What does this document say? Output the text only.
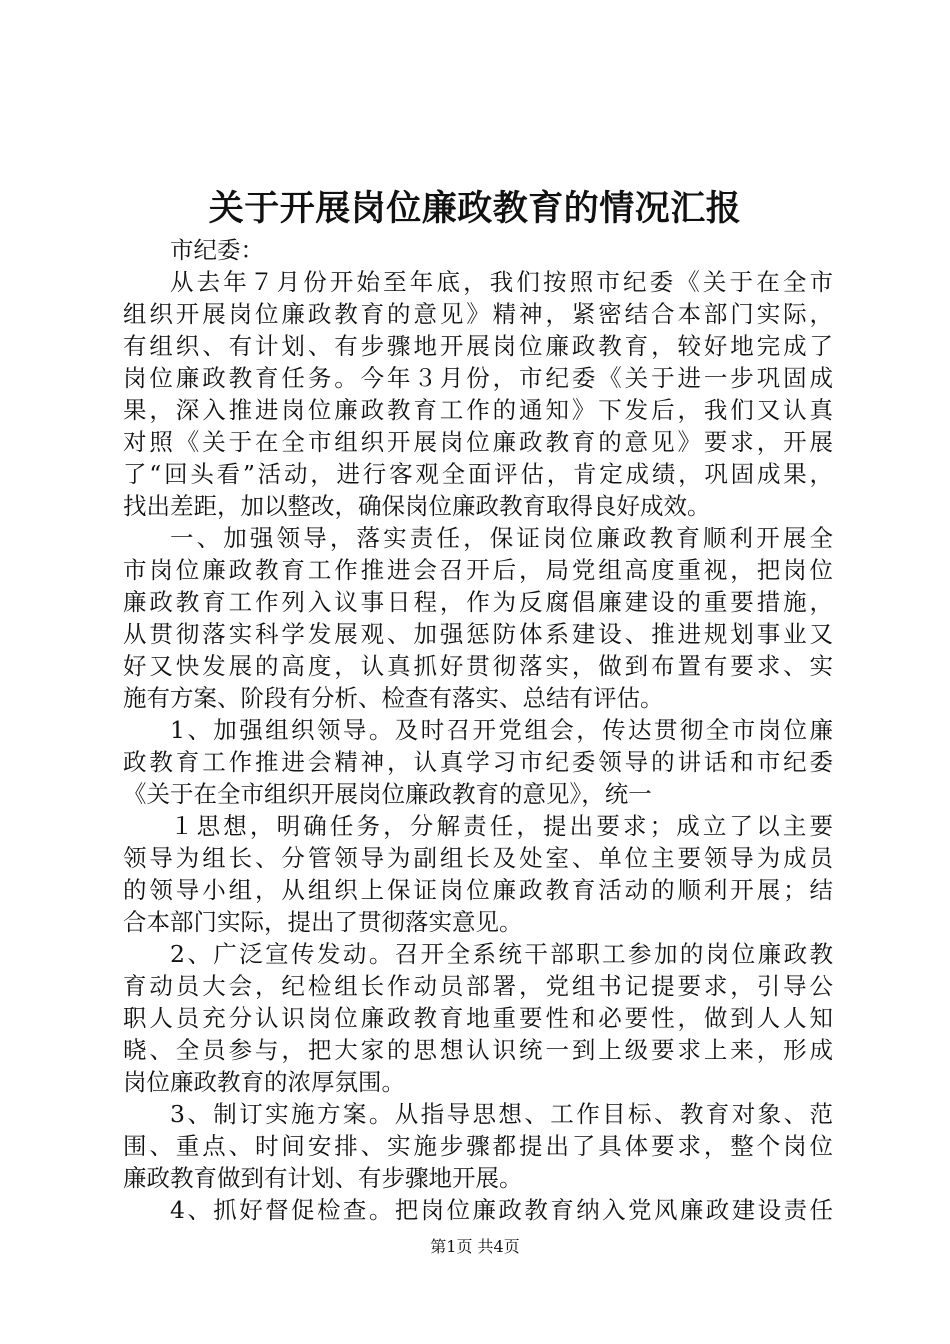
关于开展岗位廉政教育的情况汇报
市纪委：
从去年７月份开始至年底，我们按照市纪委《关于在全市
组织开展岗位廉政教育的意见》精神，紧密结合本部门实际，
有组织、有计划、有步骤地开展岗位廉政教育，较好地完成了
岗位廉政教育任务。今年３月份，市纪委《关于进一步巩固成
果，深入推进岗位廉政教育工作的通知》下发后，我们又认真
对照《关于在全市组织开展岗位廉政教育的意见》要求，开展
了“回头看”活动，进行客观全面评估，肯定成绩，巩固成果，
找出差距，加以整改，确保岗位廉政教育取得良好成效。
一、加强领导，落实责任，保证岗位廉政教育顺利开展全
市岗位廉政教育工作推进会召开后，局党组高度重视，把岗位
廉政教育工作列入议事日程，作为反腐倡廉建设的重要措施，
从贯彻落实科学发展观、加强惩防体系建设、推进规划事业又
好又快发展的高度，认真抓好贯彻落实，做到布置有要求、实
施有方案、阶段有分析、检查有落实、总结有评估。
1、加强组织领导。及时召开党组会，传达贯彻全市岗位廉
政教育工作推进会精神，认真学习市纪委领导的讲话和市纪委
《关于在全市组织开展岗位廉政教育的意见》，统一
１思想，明确任务，分解责任，提出要求；成立了以主要
领导为组长、分管领导为副组长及处室、单位主要领导为成员
的领导小组，从组织上保证岗位廉政教育活动的顺利开展；结
合本部门实际，提出了贯彻落实意见。
2、广泛宣传发动。召开全系统干部职工参加的岗位廉政教
育动员大会，纪检组长作动员部署，党组书记提要求，引导公
职人员充分认识岗位廉政教育地重要性和必要性，做到人人知
晓、全员参与，把大家的思想认识统一到上级要求上来，形成
岗位廉政教育的浓厚氛围。
3、制订实施方案。从指导思想、工作目标、教育对象、范
围、重点、时间安排、实施步骤都提出了具体要求，整个岗位
廉政教育做到有计划、有步骤地开展。
4、抓好督促检查。把岗位廉政教育纳入党风廉政建设责任
第1页 共4页
